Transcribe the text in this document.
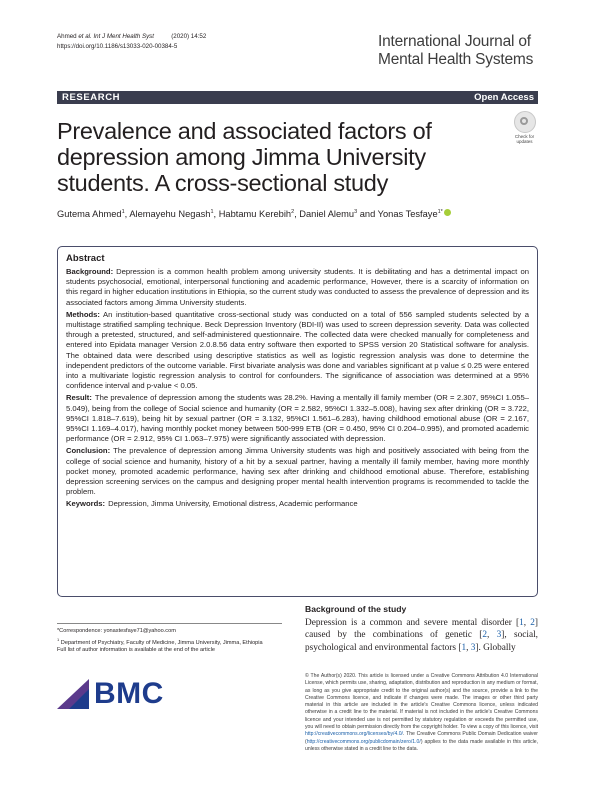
Ahmed et al. Int J Ment Health Syst          (2020) 14:52
https://doi.org/10.1186/s13033-020-00384-5	International Journal of
Mental Health Systems
RESEARCH	Open Access
Prevalence and associated factors of depression among Jimma University students. A cross-sectional study
Check for updates
Gutema Ahmed$^1$, Alemayehu Negash$^1$, Habtamu Kerebih$^2$, Daniel Alemu$^3$ and Yonas Tesfaye$^{1*}$
Abstract

Background: Depression is a common health problem among university students. It is debilitating and has a detrimental impact on students psychosocial, emotional, interpersonal functioning and academic performance, However, there is a scarcity of information on this regard in higher education institutions in Ethiopia, so the current study was conducted to assess the prevalence of depression and its associated factors among Jimma University students.

Methods: An institution-based quantitative cross-sectional study was conducted on a total of 556 sampled students selected by a multistage stratified sampling technique. Beck Depression Inventory (BDI-II) was used to screen depression severity. Data was collected through a pretested, structured, and self-administered questionnaire. The collected data were checked manually for completeness and entered into Epidata manager Version 2.0.8.56 data entry software then exported to SPSS version 20 Statistical software for analysis. The obtained data were described using descriptive statistics as well as logistic regression analysis was done to determine the independent predictors of the outcome variable. First bivariate analysis was done and variables significant at p value ≤ 0.25 were entered into a multivariate logistic regression analysis to control for confounders. The significance of association was determined at a 95% confidence interval and p-value < 0.05.

Result: The prevalence of depression among the students was 28.2%. Having a mentally ill family member (OR = 2.307, 95%CI 1.055–5.049), being from the college of Social science and humanity (OR = 2.582, 95%CI 1.332–5.008), having sex after drinking (OR = 3.722, 95%CI 1.818–7.619), being hit by sexual partner (OR = 3.132, 95%CI 1.561–6.283), having childhood emotional abuse (OR = 2.167, 95%CI 1.169–4.017), having monthly pocket money between 500-999 ETB (OR = 0.450, 95% CI 0.204–0.995), and promoted academic performance (OR = 2.912, 95% CI 1.063–7.975) were significantly associated with depression.

Conclusion: The prevalence of depression among Jimma University students was high and positively associated with being from the college of social science and humanity, history of a hit by a sexual partner, having a mentally ill family member, having more monthly pocket money, promoted academic performance, having sex after drinking and childhood emotional abuse. Therefore, establishing depression screening services on the campus and designing proper mental health intervention programs is recommended to tackle the problem.

Keywords: Depression, Jimma University, Emotional distress, Academic performance

*Correspondence: yonastesfaye71@yahoo.com
$^1$ Department of Psychiatry, Faculty of Medicine, Jimma University, Jimma, Ethiopia
Full list of author information is available at the end of the article
Background of the study
Depression is a common and severe mental disorder [1, 2] caused by the combinations of genetic [2, 3], social, psychological and environmental factors [1, 3]. Globally
BMC
© The Author(s) 2020. This article is licensed under a Creative Commons Attribution 4.0 International License, which permits use, sharing, adaptation, distribution and reproduction in any medium or format, as long as you give appropriate credit to the original author(s) and the source, provide a link to the Creative Commons licence, and indicate if changes were made. The images or other third party material in this article are included in the article's Creative Commons licence, unless indicated otherwise in a credit line to the material. If material is not included in the article's Creative Commons licence and your intended use is not permitted by statutory regulation or exceeds the permitted use, you will need to obtain permission directly from the copyright holder. To view a copy of this licence, visit http://creativecommons.org/licenses/by/4.0/. The Creative Commons Public Domain Dedication waiver (http://creativecommons.org/publicdomain/zero/1.0/) applies to the data made available in this article, unless otherwise stated in a credit line to the data.
